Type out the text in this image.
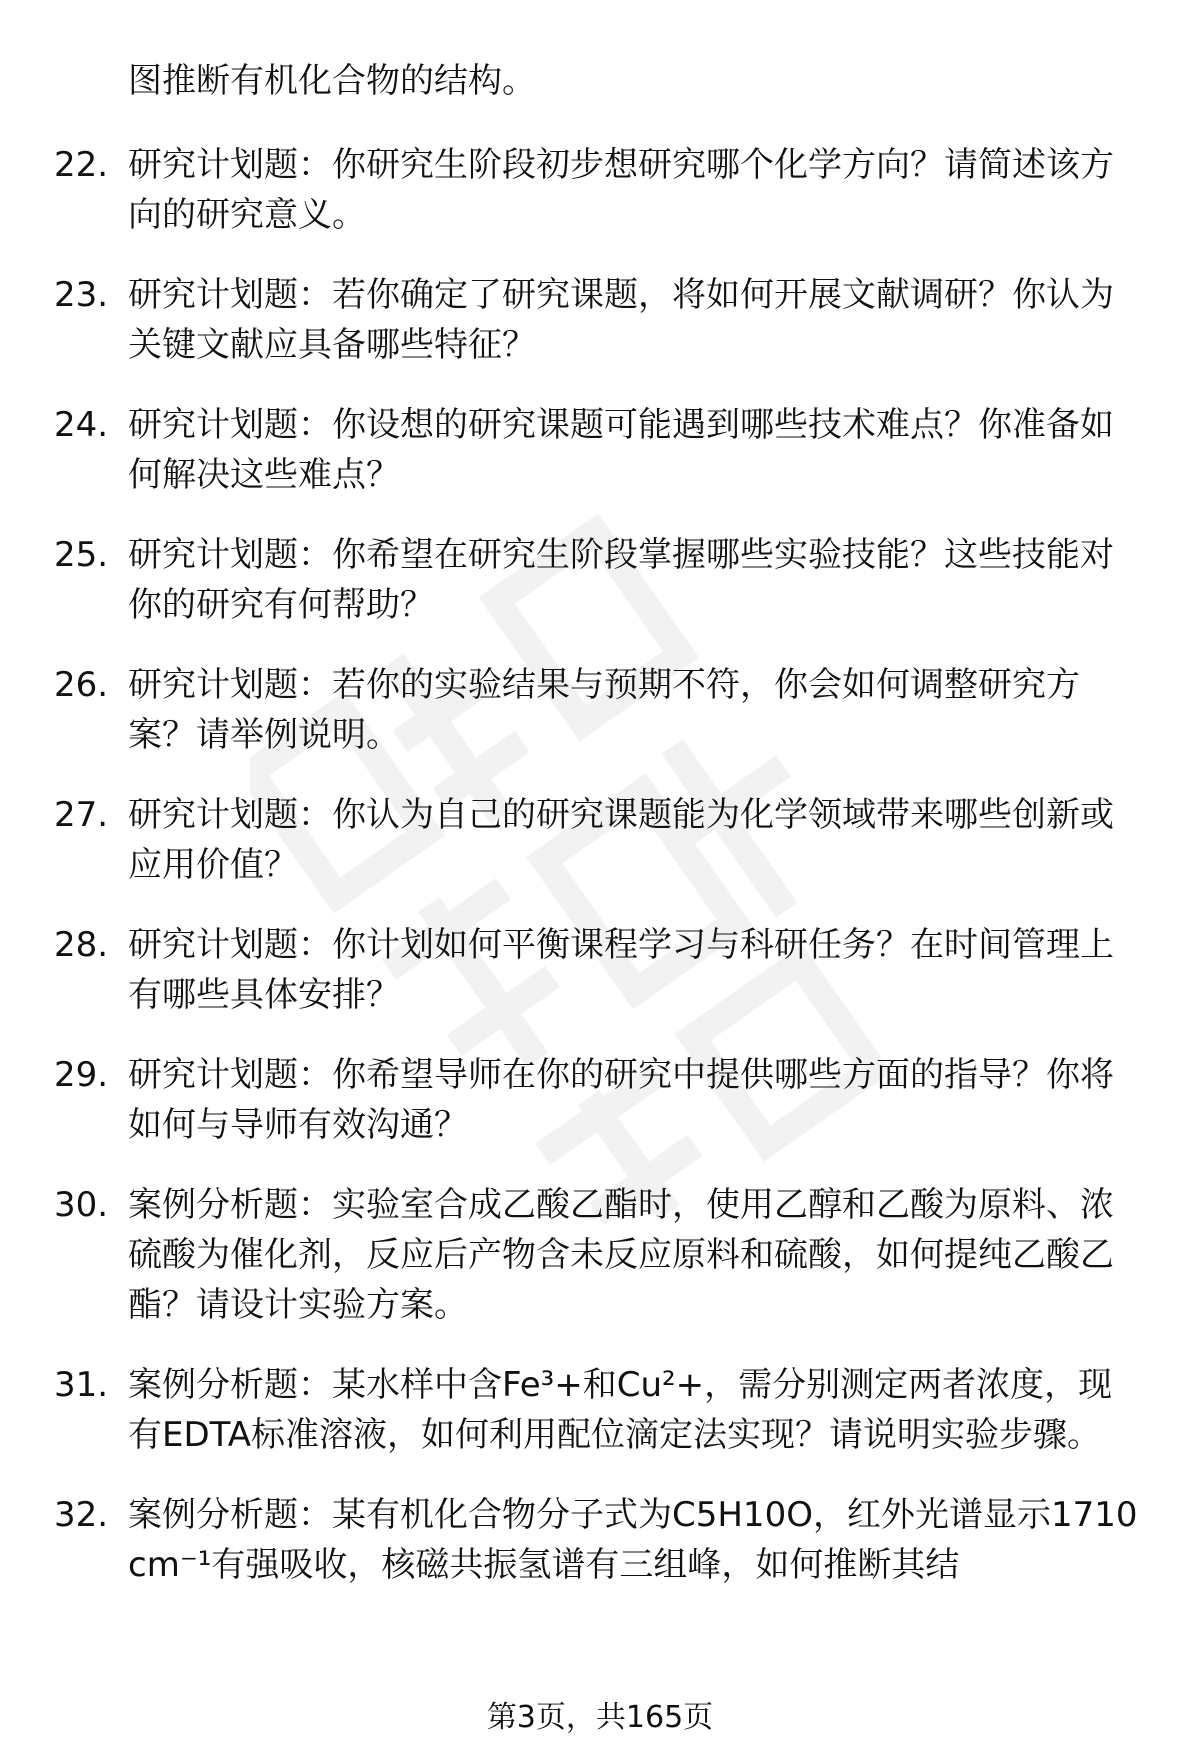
图推断有机化合物的结构。
22. 研究计划题：你研究生阶段初步想研究哪个化学方向？请简述该方向的研究意义。
23. 研究计划题：若你确定了研究课题，将如何开展文献调研？你认为关键文献应具备哪些特征？
24. 研究计划题：你设想的研究课题可能遇到哪些技术难点？你准备如何解决这些难点？
25. 研究计划题：你希望在研究生阶段掌握哪些实验技能？这些技能对你的研究有何帮助？
26. 研究计划题：若你的实验结果与预期不符，你会如何调整研究方案？请举例说明。
27. 研究计划题：你认为自己的研究课题能为化学领域带来哪些创新或应用价值？
28. 研究计划题：你计划如何平衡课程学习与科研任务？在时间管理上有哪些具体安排？
29. 研究计划题：你希望导师在你的研究中提供哪些方面的指导？你将如何与导师有效沟通？
30. 案例分析题：实验室合成乙酸乙酯时，使用乙醇和乙酸为原料、浓硫酸为催化剂，反应后产物含未反应原料和硫酸，如何提纯乙酸乙酯？请设计实验方案。
31. 案例分析题：某水样中含Fe³+和Cu²+，需分别测定两者浓度，现有EDTA标准溶液，如何利用配位滴定法实现？请说明实验步骤。
32. 案例分析题：某有机化合物分子式为C5H10O，红外光谱显示1710cm⁻¹有强吸收，核磁共振氢谱有三组峰，如何推断其结
第3页，共165页
